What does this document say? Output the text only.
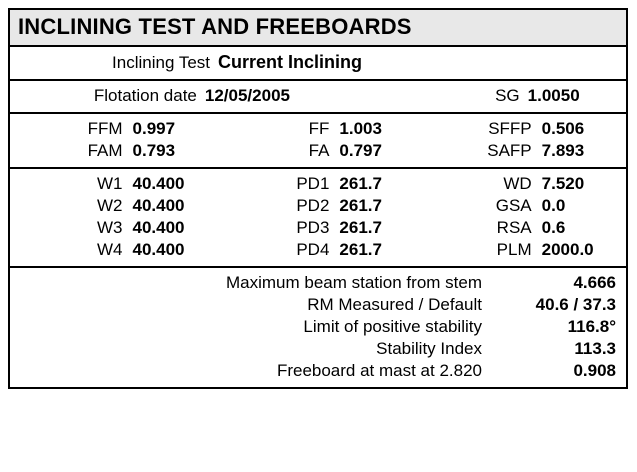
INCLINING TEST AND FREEBOARDS
Inclining Test Current Inclining
Flotation date 12/05/2005	SG 1.0050
FFM 0.997	FF 1.003	SFFP 0.506
FAM 0.793	FA 0.797	SAFP 7.893
W1 40.400	PD1 261.7	WD 7.520
W2 40.400	PD2 261.7	GSA 0.0
W3 40.400	PD3 261.7	RSA 0.6
W4 40.400	PD4 261.7	PLM 2000.0
Maximum beam station from stem	4.666
RM Measured / Default	40.6 / 37.3
Limit of positive stability	116.8°
Stability Index	113.3
Freeboard at mast at 2.820	0.908
